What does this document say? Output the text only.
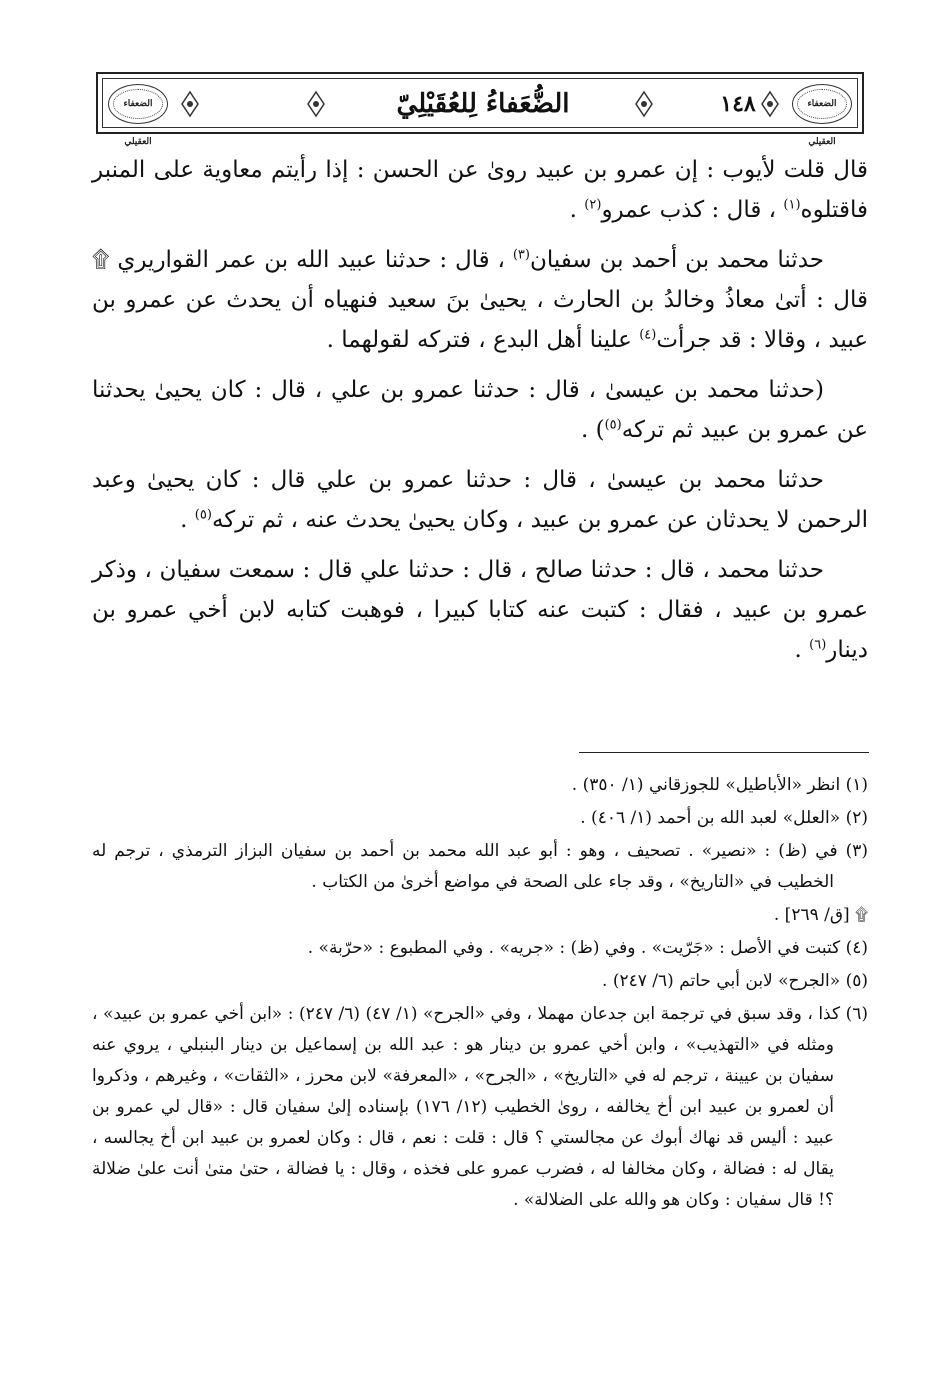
الضعفاء العقيلي
الضُّعَفاءُ لِلعُقَيْلِيّ	١٤٨	الضعفاء العقيلي

قال قلت لأيوب : إن عمرو بن عبيد روىٰ عن الحسن : إذا رأيتم معاوية على المنبر فاقتلوه$^{(١)}$ ، قال : كذب عمرو$^{(٢)}$ .

حدثنا محمد بن أحمد بن سفيان$^{(٣)}$ ، قال : حدثنا عبيد الله بن عمر القواريري ۩ قال : أتىٰ معاذُ وخالدُ بن الحارث ، يحيىٰ بنَ سعيد فنهياه أن يحدث عن عمرو بن عبيد ، وقالا : قد جرأت$^{(٤)}$ علينا أهل البدع ، فتركه لقولهما .

(حدثنا محمد بن عيسىٰ ، قال : حدثنا عمرو بن علي ، قال : كان يحيىٰ يحدثنا عن عمرو بن عبيد ثم تركه$^{(٥)}$) .

حدثنا محمد بن عيسىٰ ، قال : حدثنا عمرو بن علي قال : كان يحيىٰ وعبد الرحمن لا يحدثان عن عمرو بن عبيد ، وكان يحيىٰ يحدث عنه ، ثم تركه$^{(٥)}$ .

حدثنا محمد ، قال : حدثنا صالح ، قال : حدثنا علي قال : سمعت سفيان ، وذكر عمرو بن عبيد ، فقال : كتبت عنه كتابا كبيرا ، فوهبت كتابه لابن أخي عمرو بن دينار$^{(٦)}$ .

(١) انظر «الأباطيل» للجوزقاني (١/ ٣٥٠) .

(٢) «العلل» لعبد الله بن أحمد (١/ ٤٠٦) .

(٣) في (ظ) : «نصير» . تصحيف ، وهو : أبو عبد الله محمد بن أحمد بن سفيان البزاز الترمذي ، ترجم له الخطيب في «التاريخ» ، وقد جاء على الصحة في مواضع أخرىٰ من الكتاب .

۩ [ق/ ٢٦٩] .

(٤) كتبت في الأصل : «جَرّيت» . وفي (ظ) : «جريه» . وفي المطبوع : «حرّبة» .

(٥) «الجرح» لابن أبي حاتم (٦/ ٢٤٧) .

(٦) كذا ، وقد سبق في ترجمة ابن جدعان مهملا ، وفي «الجرح» (١/ ٤٧) (٦/ ٢٤٧) : «ابن أخي عمرو بن عبيد» ، ومثله في «التهذيب» ، وابن أخي عمرو بن دينار هو : عبد الله بن إسماعيل بن دينار البنبلي ، يروي عنه سفيان بن عيينة ، ترجم له في «التاريخ» ، «الجرح» ، «المعرفة» لابن محرز ، «الثقات» ، وغيرهم ، وذكروا أن لعمرو بن عبيد ابن أخ يخالفه ، روىٰ الخطيب (١٢/ ١٧٦) بإسناده إلىٰ سفيان قال : «قال لي عمرو بن عبيد : أليس قد نهاك أبوك عن مجالستي ؟ قال : قلت : نعم ، قال : وكان لعمرو بن عبيد ابن أخ يجالسه ، يقال له : فضالة ، وكان مخالفا له ، فضرب عمرو على فخذه ، وقال : يا فضالة ، حتىٰ متىٰ أنت علىٰ ضلالة ؟! قال سفيان : وكان هو والله على الضلالة» .
